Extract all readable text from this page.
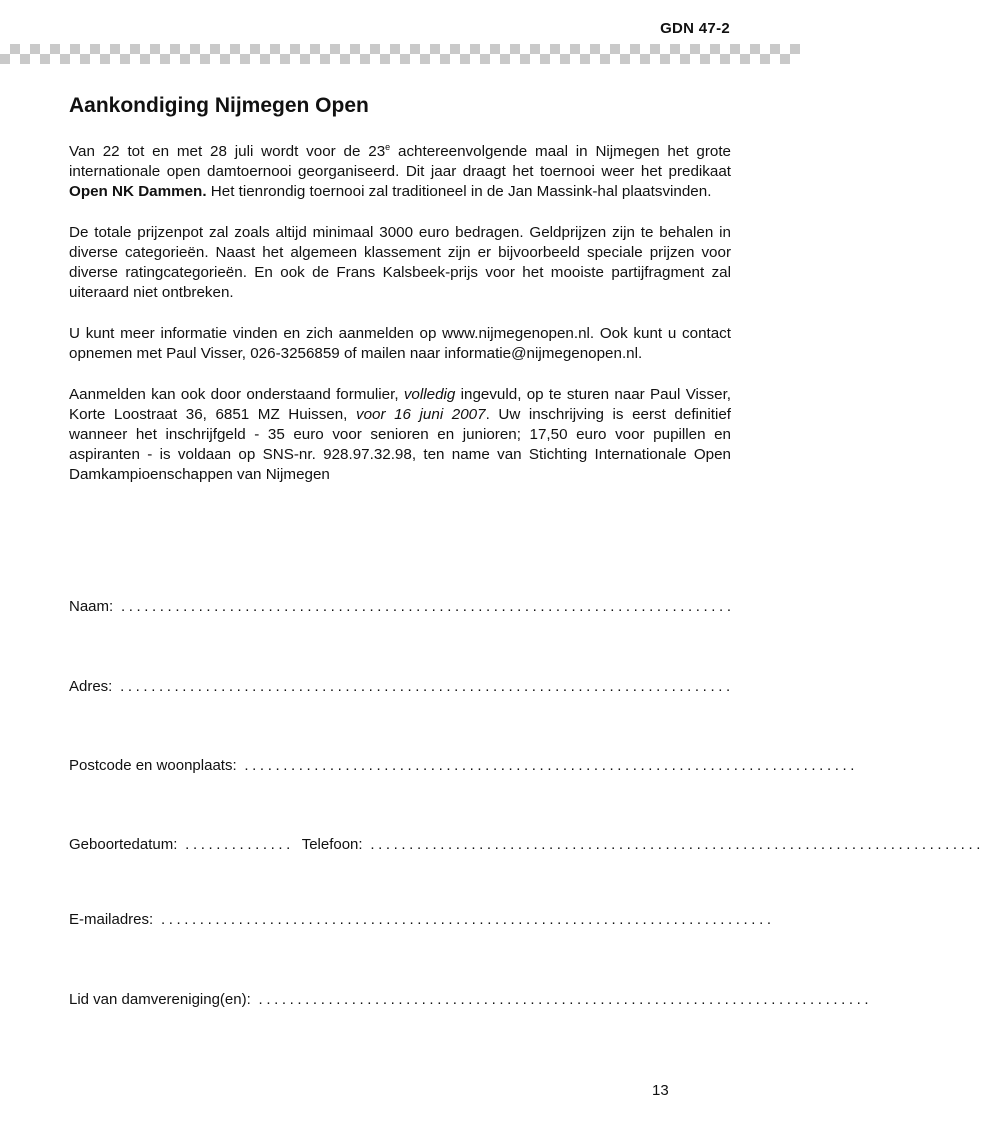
GDN 47-2
Aankondiging Nijmegen Open

Van 22 tot en met 28 juli wordt voor de 23e achtereenvolgende maal in Nijmegen het grote internationale open damtoernooi georganiseerd. Dit jaar draagt het toernooi weer het predikaat Open NK Dammen. Het tienrondig toernooi zal traditioneel in de Jan Massink-hal plaatsvinden.

De totale prijzenpot zal zoals altijd minimaal 3000 euro bedragen. Geldprijzen zijn te behalen in diverse categorieën. Naast het algemeen klassement zijn er bijvoorbeeld speciale prijzen voor diverse ratingcategorieën. En ook de Frans Kalsbeek-prijs voor het mooiste partijfragment zal uiteraard niet ontbreken.

U kunt meer informatie vinden en zich aanmelden op www.nijmegenopen.nl. Ook kunt u contact opnemen met Paul Visser, 026-3256859 of mailen naar informatie@nijmegenopen.nl.

Aanmelden kan ook door onderstaand formulier, volledig ingevuld, op te sturen naar Paul Visser, Korte Loostraat 36, 6851 MZ Huissen, voor 16 juni 2007. Uw inschrijving is eerst definitief wanneer het inschrijfgeld - 35 euro voor senioren en junioren; 17,50 euro voor pupillen en aspiranten - is voldaan op SNS-nr. 928.97.32.98, ten name van Stichting Internationale Open Damkampioenschappen van Nijmegen

Naam: ...............................................................................
Adres: ...............................................................................
Postcode en woonplaats: ...............................................................................
Geboortedatum: .............. Telefoon: ...............................................................................
E-mailadres: ...............................................................................
Lid van damvereniging(en): ...............................................................................
13
